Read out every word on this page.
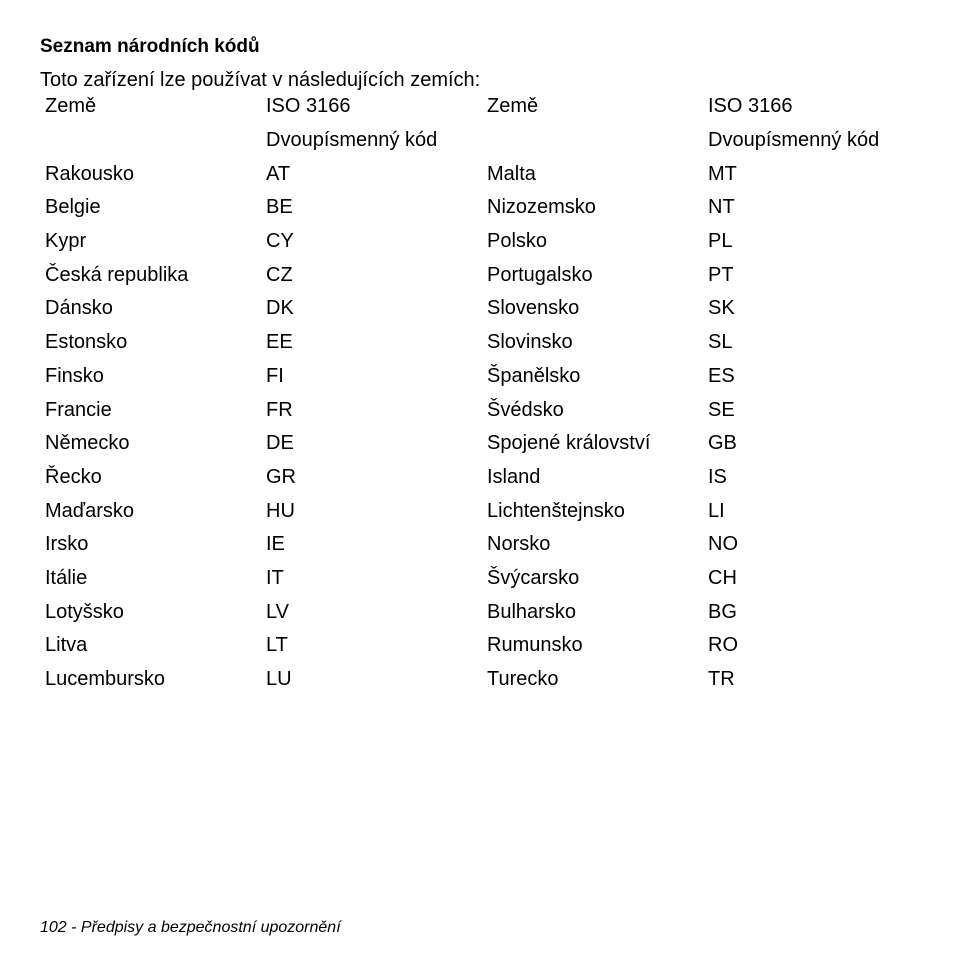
Seznam národních kódů
Toto zařízení lze používat v následujících zemích:
Země	ISO 3166	Země	ISO 3166
	Dvoupísmenný kód		Dvoupísmenný kód
Rakousko	AT	Malta	MT
Belgie	BE	Nizozemsko	NT
Kypr	CY	Polsko	PL
Česká republika	CZ	Portugalsko	PT
Dánsko	DK	Slovensko	SK
Estonsko	EE	Slovinsko	SL
Finsko	FI	Španělsko	ES
Francie	FR	Švédsko	SE
Německo	DE	Spojené království	GB
Řecko	GR	Island	IS
Maďarsko	HU	Lichtenštejnsko	LI
Irsko	IE	Norsko	NO
Itálie	IT	Švýcarsko	CH
Lotyšsko	LV	Bulharsko	BG
Litva	LT	Rumunsko	RO
Lucembursko	LU	Turecko	TR
102 - Předpisy a bezpečnostní upozornění
